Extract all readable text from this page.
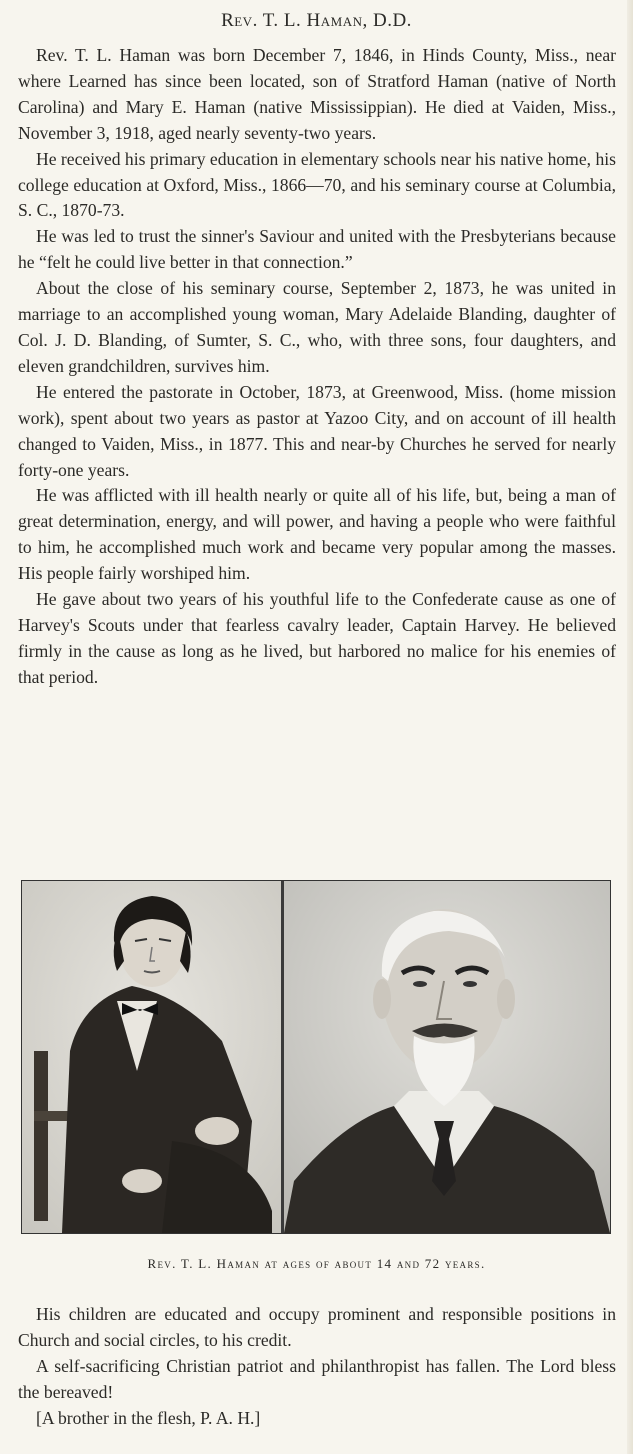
Rev. T. L. Haman, D.D.

Rev. T. L. Haman was born December 7, 1846, in Hinds County, Miss., near where Learned has since been located, son of Stratford Haman (native of North Carolina) and Mary E. Haman (native Mississippian). He died at Vaiden, Miss., November 3, 1918, aged nearly seventy-two years.

He received his primary education in elementary schools near his native home, his college education at Oxford, Miss., 1866—70, and his seminary course at Columbia, S. C., 1870-73.

He was led to trust the sinner's Saviour and united with the Presbyterians because he “felt he could live better in that connection.”

About the close of his seminary course, September 2, 1873, he was united in marriage to an accomplished young woman, Mary Adelaide Blanding, daughter of Col. J. D. Blanding, of Sumter, S. C., who, with three sons, four daughters, and eleven grandchildren, survives him.

He entered the pastorate in October, 1873, at Greenwood, Miss. (home mission work), spent about two years as pastor at Yazoo City, and on account of ill health changed to Vaiden, Miss., in 1877. This and near-by Churches he served for nearly forty-one years.

He was afflicted with ill health nearly or quite all of his life, but, being a man of great determination, energy, and will power, and having a people who were faithful to him, he accomplished much work and became very popular among the masses. His people fairly worshiped him.

He gave about two years of his youthful life to the Confederate cause as one of Harvey's Scouts under that fearless cavalry leader, Captain Harvey. He believed firmly in the cause as long as he lived, but harbored no malice for his enemies of that period.

Rev. T. L. Haman at ages of about 14 and 72 years.

His children are educated and occupy prominent and responsible positions in Church and social circles, to his credit.

A self-sacrificing Christian patriot and philanthropist has fallen. The Lord bless the bereaved!

[A brother in the flesh, P. A. H.]
